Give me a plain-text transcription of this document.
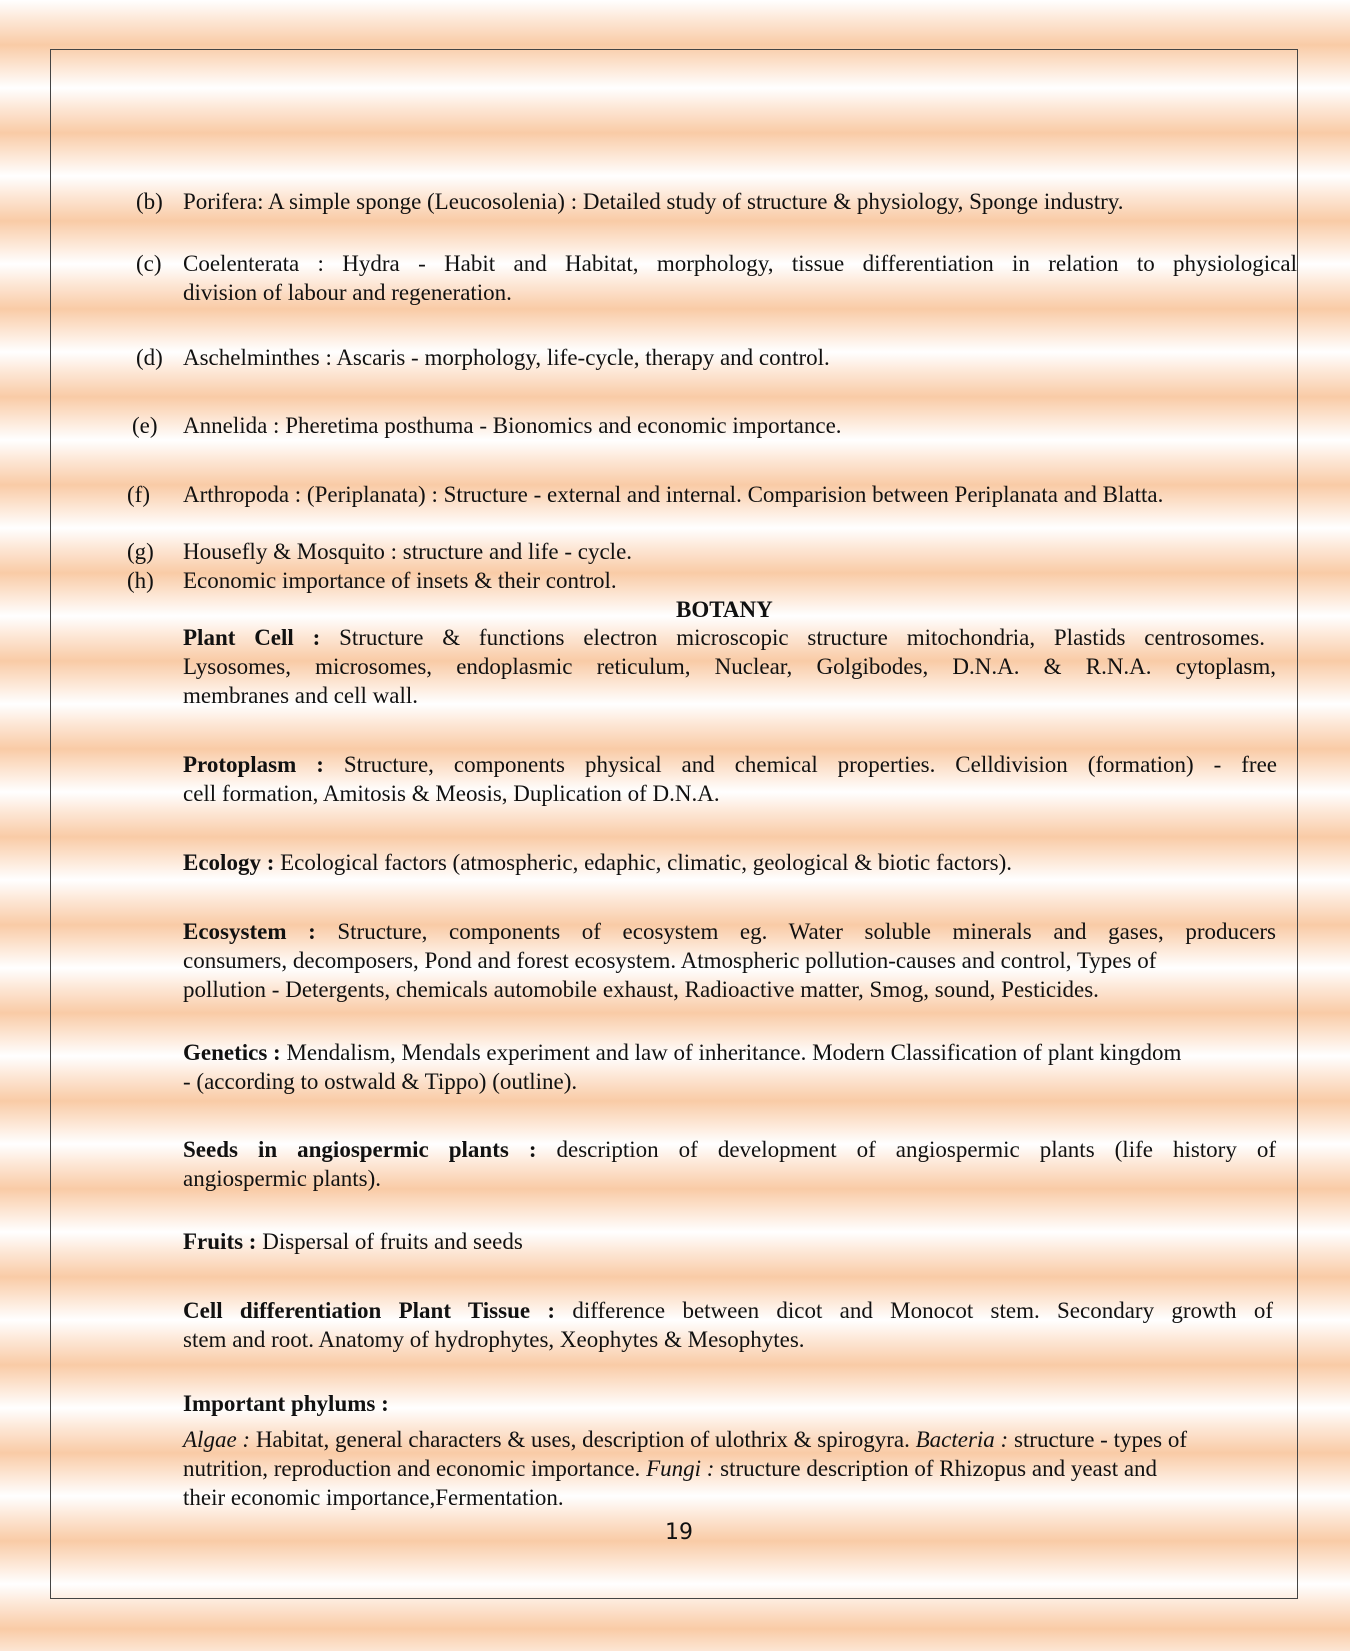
(b) Porifera: A simple sponge (Leucosolenia) : Detailed study of structure & physiology, Sponge industry.
(c) Coelenterata : Hydra - Habit and Habitat, morphology, tissue differentiation in relation to physiological
division of labour and regeneration.
(d) Aschelminthes : Ascaris - morphology, life-cycle, therapy and control.
(e) Annelida : Pheretima posthuma - Bionomics and economic importance.
(f) Arthropoda : (Periplanata) : Structure - external and internal. Comparision between Periplanata and Blatta.
(g) Housefly & Mosquito : structure and life - cycle.
(h) Economic importance of insets & their control.
BOTANY
Plant Cell : Structure & functions electron microscopic structure mitochondria, Plastids centrosomes.
Lysosomes, microsomes, endoplasmic reticulum, Nuclear, Golgibodes, D.N.A. & R.N.A. cytoplasm,
membranes and cell wall.
Protoplasm : Structure, components physical and chemical properties. Celldivision (formation) - free
cell formation, Amitosis & Meosis, Duplication of D.N.A.
Ecology : Ecological factors (atmospheric, edaphic, climatic, geological & biotic factors).
Ecosystem : Structure, components of ecosystem eg. Water soluble minerals and gases, producers
consumers, decomposers, Pond and forest ecosystem. Atmospheric pollution-causes and control, Types of
pollution - Detergents, chemicals automobile exhaust, Radioactive matter, Smog, sound, Pesticides.
Genetics : Mendalism, Mendals experiment and law of inheritance. Modern Classification of plant kingdom
- (according to ostwald & Tippo) (outline).
Seeds in angiospermic plants : description of development of angiospermic plants (life history of
angiospermic plants).
Fruits : Dispersal of fruits and seeds
Cell differentiation Plant Tissue : difference between dicot and Monocot stem. Secondary growth of
stem and root. Anatomy of hydrophytes, Xeophytes & Mesophytes.
Important phylums :
Algae : Habitat, general characters & uses, description of ulothrix & spirogyra. Bacteria : structure - types of
nutrition, reproduction and economic importance. Fungi : structure description of Rhizopus and yeast and
their economic importance,Fermentation.
19
